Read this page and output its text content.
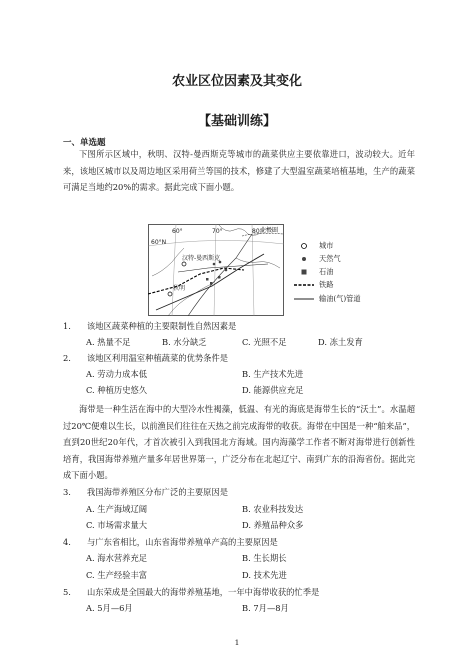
农业区位因素及其变化
【基础训练】
一、单选题

下图所示区域中，秋明、汉特-曼西斯克等城市的蔬菜供应主要依靠进口，波动较大。近年来，该地区城市以及周边地区采用荷兰等国的技术，修建了大型温室蔬菜培植基地，生产的蔬菜可满足当地约20%的需求。据此完成下面小题。

60°	70°	80°
60°N
汉特-曼西斯克
秋明
北极圈
城市
天然气
石油
铁路
输油(气)管道
1. 该地区蔬菜种植的主要限制性自然因素是
A. 热量不足	B. 水分缺乏	C. 光照不足	D. 冻土发育
2. 该地区利用温室种植蔬菜的优势条件是
A. 劳动力成本低	B. 生产技术先进
C. 种植历史悠久	D. 能源供应充足

海带是一种生活在海中的大型冷水性褐藻，低温、有光的海底是海带生长的“沃土”。水温超过20℃便难以生长，以前渔民们往往在天热之前完成海带的收获。海带在中国是一种“舶来品”，直到20世纪20年代，才首次被引入到我国北方海域。国内海藻学工作者不断对海带进行创新性培育，我国海带养殖产量多年居世界第一，广泛分布在北起辽宁、南到广东的沿海省份。据此完成下面小题。

3. 我国海带养殖区分布广泛的主要原因是
A. 生产海域辽阔	B. 农业科技发达
C. 市场需求量大	D. 养殖品种众多
4. 与广东省相比，山东省海带养殖单产高的主要原因是
A. 海水营养充足	B. 生长期长
C. 生产经验丰富	D. 技术先进
5. 山东荣成是全国最大的海带养殖基地，一年中海带收获的忙季是
A. 5月—6月	B. 7月—8月
1
